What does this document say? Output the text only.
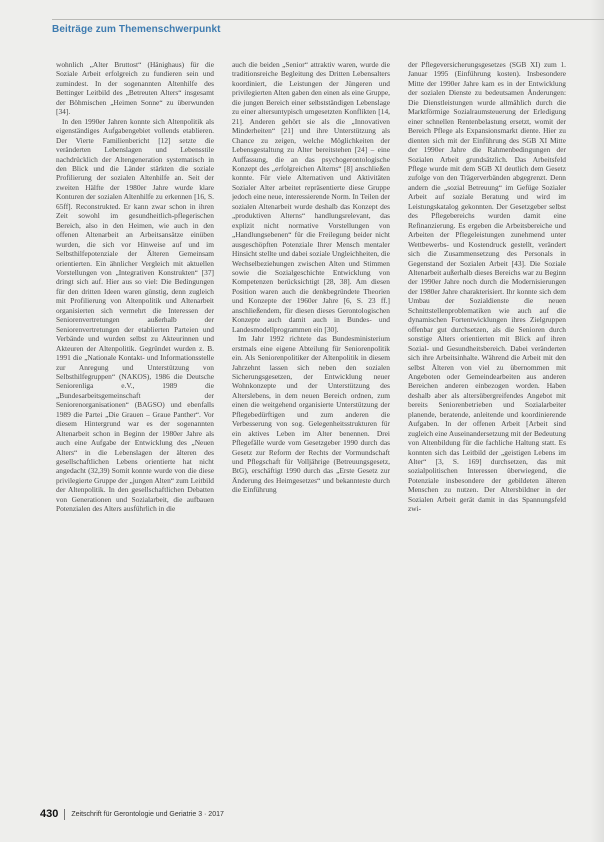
Beiträge zum Themenschwerpunkt

wohnlich „Alter Bruttost“ (Hänighaus) für die Soziale Arbeit erfolgreich zu fundieren sein und zumindest. In der sogenannten Altenhilfe des Bettinger Leitbild des „Betreuten Alters“ insgesamt der Böhmischen „Heimen Sonne“ zu überwunden [34].

In den 1990er Jahren konnte sich Altenpolitik als eigenständiges Aufgabengebiet vollends etablieren. Der Vierte Familienbericht [12] setzte die veränderten Lebenslagen und Lebensstile nachdrücklich der Altengeneration systematisch in den Blick und die Länder stärkten die soziale Profilierung der sozialen Altenhilfe an. Seit der zweiten Hälfte der 1980er Jahre wurde klare Konturen der sozialen Altenhilfe zu erkennen [16, S. 65ff]. Reconstrukted. Er kann zwar schon in ihren Zeit sowohl im gesundheitlich-pflegerischen Bereich, also in den Heimen, wie auch in den offenen Altenarbeit an Arbeitsansätze einüben wurden, die sich vor Hinweise auf und im Selbsthilfepotenziale der Älteren Gemeinsam orientierten. Ein ähnlicher Vergleich mit aktuellen Vorstellungen von „Integrativen Konstrukten“ [37] dringt sich auf. Hier aus so viel: Die Bedingungen für den dritten Ideen waren günstig, denn zugleich mit Profilierung von Altenpolitik und Altenarbeit organisierten sich vermehrt die Interessen der Seniorenvertretungen außerhalb der Seniorenvertretungen der etablierten Parteien und Verbände und wurden selbst zu Akteurinnen und Akteuren der Altenpolitik. Gegründet wurden z. B. 1991 die „Nationale Kontakt- und Informationsstelle zur Anregung und Unterstützung von Selbsthilfegruppen“ (NAKOS), 1986 die Deutsche Seniorenliga e.V., 1989 die „Bundesarbeitsgemeinschaft der Seniorenorganisationen“ (BAGSO) und ebenfalls 1989 die Partei „Die Grauen – Graue Panther“. Vor diesem Hintergrund war es der sogenannten Altenarbeit schon in Beginn der 1980er Jahre als auch eine Aufgabe der Entwicklung des „Neuen Alters“ in die Lebenslagen der älteren des gesellschaftlichen Lebens orientierte hat nicht angedacht (32,39) Somit konnte wurde von die diese privilegierte Gruppe der „jungen Alten“ zum Leitbild der Altenpolitik. In den gesellschaftlichen Debatten von Generationen und Sozialarbeit, die aufbauen Potenzialen des Alters ausführlich in die

auch die beiden „Senior“ attraktiv waren, wurde die traditionsreiche Begleitung des Dritten Lebensalters koordiniert, die Leistungen der Jüngeren und privilegierten Alten gaben den einen als eine Gruppe, die jungen Bereich einer selbstständigen Lebenslage zu einer altersuntypisch umgesetzten Konflikten [14, 21]. Anderen gehört sie als die „Innovativen Minderheiten“ [21] und ihre Unterstützung als Chance zu zeigen, welche Möglichkeiten der Lebensgestaltung zu Alter bereitstehen [24] – eine Auffassung, die an das psychogerontologische Konzept des „erfolgreichen Alterns“ [8] anschließen konnte. Für viele Alternativen und Aktivitäten Sozialer Alter arbeitet repräsentierte diese Gruppe jedoch eine neue, interessierende Norm. In Teilen der sozialen Altenarbeit wurde deshalb das Konzept des „produktiven Alterns“ handlungsrelevant, das explizit nicht normative Vorstellungen von „Handlungsebenen“ für die Freilegung beider nicht ausgeschöpften Potenziale Ihrer Mensch mentaler Hinsicht stellte und dabei soziale Ungleichheiten, die Wechselbeziehungen zwischen Alten und Stimmen sowie die Sozialgeschichte Entwicklung von Kompetenzen berücksichtigt [28, 38]. Am diesen Position waren auch die denkbegründete Theorien und Konzepte der 1960er Jahre [6, S. 23 ff.] anschließendem, für diesen dieses Gerontologischen Konzepte auch damit auch in Bundes- und Landesmodellprogrammen ein [30].

Im Jahr 1992 richtete das Bundesministerium erstmals eine eigene Abteilung für Seniorenpolitik ein. Als Seniorenpolitiker der Altenpolitik in diesem Jahrzehnt lassen sich neben den sozialen Sicherungsgesetzen, der Entwicklung neuer Wohnkonzepte und der Unterstützung des Alterslebens, in dem neuen Bereich ordnen, zum einen die weitgehend organisierte Unterstützung der Pflegebedürftigen und zum anderen die Verbesserung von sog. Gelegenheitsstrukturen für ein aktives Leben im Alter benennen. Drei Pflegefälle wurde vom Gesetzgeber 1990 durch das Gesetz zur Reform der Rechts der Vormundschaft und Pflegschaft für Volljährige (Betreuungsgesetz, BtG), erschäftigt 1990 durch das „Erste Gesetz zur Änderung des Heimgesetzes“ und bekannteste durch die Einführung

der Pflegeversicherungsgesetzes (SGB XI) zum 1. Januar 1995 (Einführung kosten). Insbesondere Mitte der 1990er Jahre kam es in der Entwicklung der sozialen Dienste zu bedeutsamen Änderungen: Die Dienstleistungen wurde allmählich durch die Marktförmige Sozialraumsteuerung der Erledigung einer schnellen Rentenbelastung ersetzt, womit der Bereich Pflege als Expansionsmarkt diente. Hier zu dienten sich mit der Einführung des SGB XI Mitte der 1990er Jahre die Rahmenbedingungen der Sozialen Arbeit grundsätzlich. Das Arbeitsfeld Pflege wurde mit dem SGB XI deutlich dem Gesetz zufolge von den Trägerverbänden abgegrenzt. Denn andern die „sozial Betreuung“ im Gefüge Sozialer Arbeit auf soziale Beratung und wird im Leistungskatalog gekonnten. Der Gesetzgeber selbst des Pflegebereichs wurden damit eine Refinanzierung. Es ergeben die Arbeitsbereiche und Arbeiten der Pflegeleistungen zunehmend unter Wettbewerbs- und Kostendruck gestellt, verändert sich die Zusammensetzung des Personals in Gegenstand der Sozialen Arbeit [43]. Die Soziale Altenarbeit außerhalb dieses Bereichs war zu Beginn der 1990er Jahre noch durch die Modernisierungen der 1980er Jahre charakterisiert. Ihr konnte sich dem Umbau der Sozialdienste die neuen Schnittstellenproblematiken wie auch auf die dynamischen Fortentwicklungen ihres Zielgruppen offenbar gut durchsetzen, als die Senioren durch sonstige Alters orientierten mit Blick auf ihren Sozial- und Gesundheitsbereich. Dabei veränderten sich ihre Arbeitsinhalte. Während die Arbeit mit den selbst Älteren von viel zu übernommen mit Angeboten oder Gemeindearbeiten aus anderen Bereichen anderen einbezogen worden. Haben deshalb aber als altersübergreifendes Angebot mit bereits Seniorenbetrieben und Sozialarbeiter planende, beratende, anleitende und koordinierende Aufgaben. In der offenen Arbeit [Arbeit sind zugleich eine Auseinandersetzung mit der Bedeutung von Altenbildung für die fachliche Haltung statt. Es konnten sich das Leitbild der „geistigen Lebens im Alter“ [3, S. 169] durchsetzen, das mit sozialpolitischen Interessen überwiegend, die Potenziale insbesondere der gebildeten älteren Menschen zu nutzen. Der Altersbildner in der Sozialen Arbeit gerät damit in das Spannungsfeld zwi-

430 Zeitschrift für Gerontologie und Geriatrie 3 · 2017
